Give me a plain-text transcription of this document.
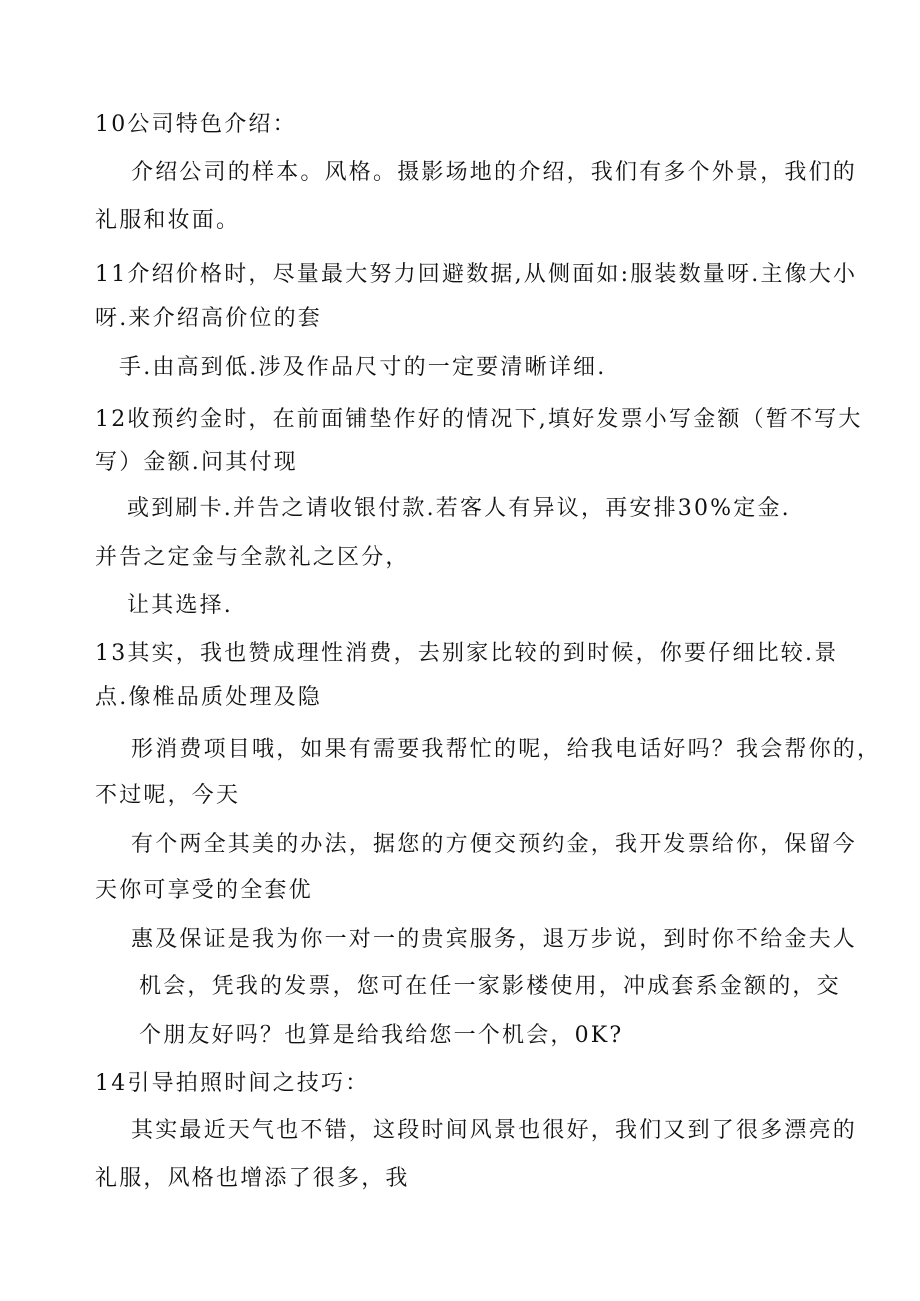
10公司特色介绍：
介绍公司的样本。风格。摄影场地的介绍，我们有多个外景，我们的
礼服和妆面。
11介绍价格时，尽量最大努力回避数据,从侧面如:服装数量呀.主像大小
呀.来介绍高价位的套
手.由高到低.涉及作品尺寸的一定要清晰详细.
12收预约金时，在前面铺垫作好的情况下,填好发票小写金额（暂不写大
写）金额.问其付现
或到刷卡.并告之请收银付款.若客人有异议，再安排30%定金.
并告之定金与全款礼之区分，
让其选择.
13其实，我也赞成理性消费，去别家比较的到时候，你要仔细比较.景
点.像椎品质处理及隐
形消费项目哦，如果有需要我帮忙的呢，给我电话好吗？我会帮你的，
不过呢，今天
有个两全其美的办法，据您的方便交预约金，我开发票给你，保留今
天你可享受的全套优
惠及保证是我为你一对一的贵宾服务，退万步说，到时你不给金夫人
机会，凭我的发票，您可在任一家影楼使用，冲成套系金额的，交
个朋友好吗？也算是给我给您一个机会，0K?
14引导拍照时间之技巧：
其实最近天气也不错，这段时间风景也很好，我们又到了很多漂亮的
礼服，风格也增添了很多，我
